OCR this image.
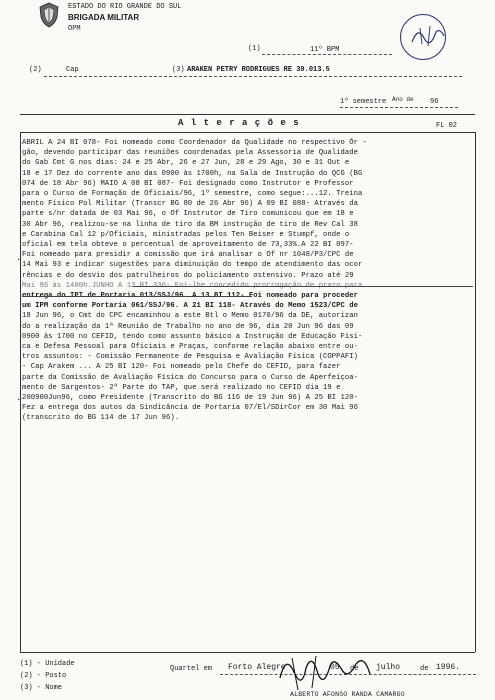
ESTADO DO RIO GRANDE DO SUL
BRIGADA MILITAR
OPM
(1)	11º BPM
(2)	Cap	(3) ARAKEN PETRY RODRIGUES RE 39.013.5
1º semestre Ano de 96
A l t e r a ç õ e s	FL 02
ABRIL A 24 BI 078- Foi nomeado como Coordenador da Qualidade no respectivo Ór -
gão, devendo participar das reuniões coordenadas pela Assessoria de Qualidade
do Gab Cmt G nos dias: 24 e 25 Abr, 26 e 27 Jun, 28 e 29 Ago, 30 e 31 Out e
18 e 17 Dez do corrente ano das 0900 às 1700h, na Sala de Instrução do QCG (BG
074 de 18 Abr 96) MAIO A 08 BI 087- Foi designado como Instrutor e Professor
para o Curso de Formação de Oficiais/96, 1º semestre, como segue:...12. Treina
mento Físico Pol Militar (Transcr BG 80 de 26 Abr 96) A 09 BI 088- Através da
parte s/nr datada de 03 Mai 96, o Of Instrutor de Tiro comunicou que em 18 e
30 Abr 96, realizou-se na linha de tiro da BM instrução de tiro de Rev Cal 38
e Carabina Cal 12 p/Oficiais, ministradas pelos Ten Beiser e Stumpf, onde o
oficial em tela obteve o percentual de aproveitamento de 73,33%.A 22 BI 097-
Foi nomeado para presidir a comissão que irá analisar o Of nr 1048/P3/CPC de
14 Mai 93 e indicar sugestões para diminuição do tempo de atendimento das ocor
rências e do desvio dos patrulheiros do policiamento ostensivo. Prazo até 29
Mai 96 às 1400h.JUNHO A 12 BI 336- Foi-lhe concedido prorrogação de prazo para
entrega do IPI de Portaria 013/SSJ/96. A 13 BI 112- Foi nomeado para proceder
um IPM conforme Portaria 061/SSJ/96. A 21 BI 118- Através do Memo 1523/CPC de
18 Jun 96, o Cmt do CPC encaminhou a este Btl o Memo 0170/96 da DE, autorizan
do a realização da 1ª Reunião de Trabalho no ano de 96, dia 20 Jun 96 das 09
0900 às 1700 no CEFID, tendo como assunto básico a Instrução de Educação Físi-
ca e Defesa Pessoal para Oficiais e Praças, conforme relação abaixo entre ou-
tros assuntos: - Comissão Permanente de Pesquisa e Avaliação Física (COPPAFI)
- Cap Arakem ... A 25 BI 120- Foi nomeado pelo Chefe do CEFID, para fazer
parte da Comissão de Avaliação Física do Concurso para o Curso de Aperfeiçoa-
mento de Sargentos- 2ª Parte do TAP, que será realizado no CEFID dia 19 e
200900Jun96, como Presidente (Transcrito do BG 116 de 19 Jun 96) A 25 BI 120-
Fez a entrega dos autos da Sindicância de Portaria 07/El/SDirCor em 30 Mai 96
(transcrito do BG 114 de 17 Jun 96).
·
·
(1) - Unidade
(2) - Posto
(3) - Nome
Quartel em Forto Alegre	05 de julho	de 1996.
ALBERTO AFONSO RANDA CAMARGO
